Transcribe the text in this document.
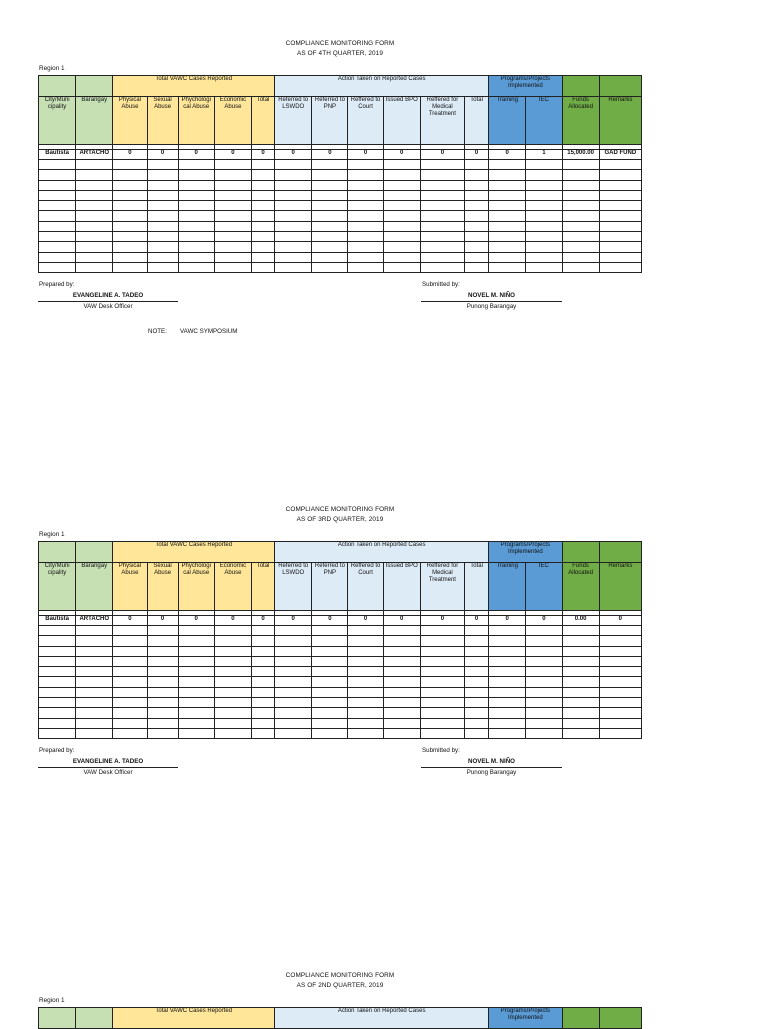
COMPLIANCE MONITORING FORM
AS OF 4TH QUARTER, 2019
Region 1
		Total VAWC Cases Reported					Action Taken on Reported Cases						Programs/Projects Implemented			
City/Muni cipality	Barangay	Physical Abuse	Sexual Abuse	Phychologi cal Abuse	Economic Abuse	Total	Referred to LSWDO	Referred to PNP	Reffered to Court	Issued BPO	Reffered for Medical Treatment	Total	Training	IEC	Funds Allocated	Remarks

Bautista	ARTACHO	0	0	0	0	0	0	0	0	0	0	0	0	1	15,000.00	GAD FUND

Prepared by:
EVANGELINE A. TADEO
VAW Desk Officer
Submitted by:
NOVEL M. NIÑO
Punong Barangay
NOTE: VAWC SYMPOSIUM
COMPLIANCE MONITORING FORM
AS OF 3RD QUARTER, 2019
Region 1
		Total VAWC Cases Reported					Action Taken on Reported Cases						Programs/Projects Implemented			
City/Muni cipality	Barangay	Physical Abuse	Sexual Abuse	Phychologi cal Abuse	Economic Abuse	Total	Referred to LSWDO	Referred to PNP	Reffered to Court	Issued BPO	Reffered for Medical Treatment	Total	Training	IEC	Funds Allocated	Remarks

Bautista	ARTACHO	0	0	0	0	0	0	0	0	0	0	0	0	0	0.00	0

Prepared by:
EVANGELINE A. TADEO
VAW Desk Officer
Submitted by:
NOVEL M. NIÑO
Punong Barangay
COMPLIANCE MONITORING FORM
AS OF 2ND QUARTER, 2019
Region 1
		Total VAWC Cases Reported	Action Taken on Reported Cases	Programs/Projects Implemented		
